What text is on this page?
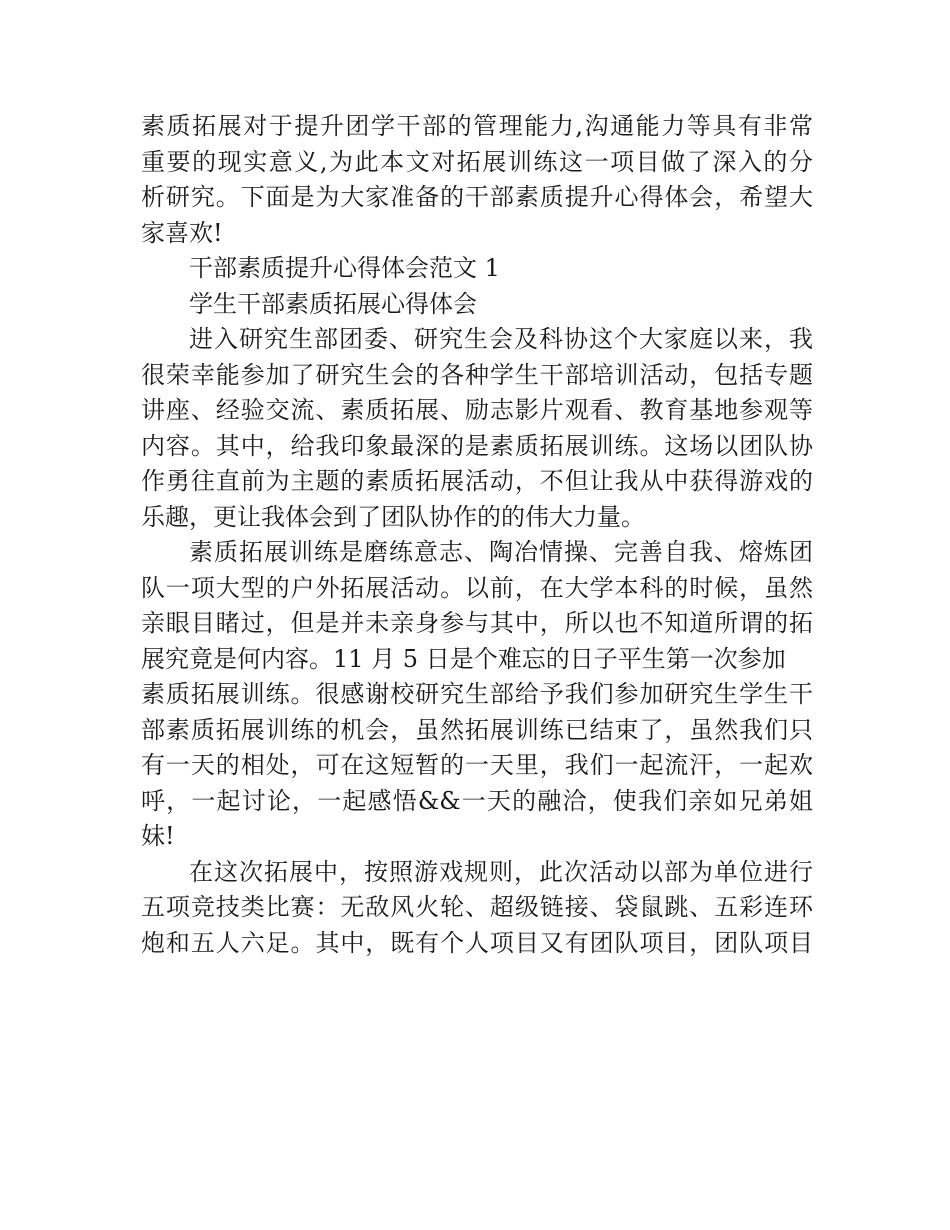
素质拓展对于提升团学干部的管理能力,沟通能力等具有非常
重要的现实意义,为此本文对拓展训练这一项目做了深入的分
析研究。下面是为大家准备的干部素质提升心得体会，希望大
家喜欢!
干部素质提升心得体会范文 1
学生干部素质拓展心得体会
进入研究生部团委、研究生会及科协这个大家庭以来，我
很荣幸能参加了研究生会的各种学生干部培训活动，包括专题
讲座、经验交流、素质拓展、励志影片观看、教育基地参观等
内容。其中，给我印象最深的是素质拓展训练。这场以团队协
作勇往直前为主题的素质拓展活动，不但让我从中获得游戏的
乐趣，更让我体会到了团队协作的的伟大力量。
素质拓展训练是磨练意志、陶冶情操、完善自我、熔炼团
队一项大型的户外拓展活动。以前，在大学本科的时候，虽然
亲眼目睹过，但是并未亲身参与其中，所以也不知道所谓的拓
展究竟是何内容。11 月 5 日是个难忘的日子平生第一次参加
素质拓展训练。很感谢校研究生部给予我们参加研究生学生干
部素质拓展训练的机会，虽然拓展训练已结束了，虽然我们只
有一天的相处，可在这短暂的一天里，我们一起流汗，一起欢
呼，一起讨论，一起感悟&&一天的融洽，使我们亲如兄弟姐
妹!
在这次拓展中，按照游戏规则，此次活动以部为单位进行
五项竞技类比赛：无敌风火轮、超级链接、袋鼠跳、五彩连环
炮和五人六足。其中，既有个人项目又有团队项目，团队项目
